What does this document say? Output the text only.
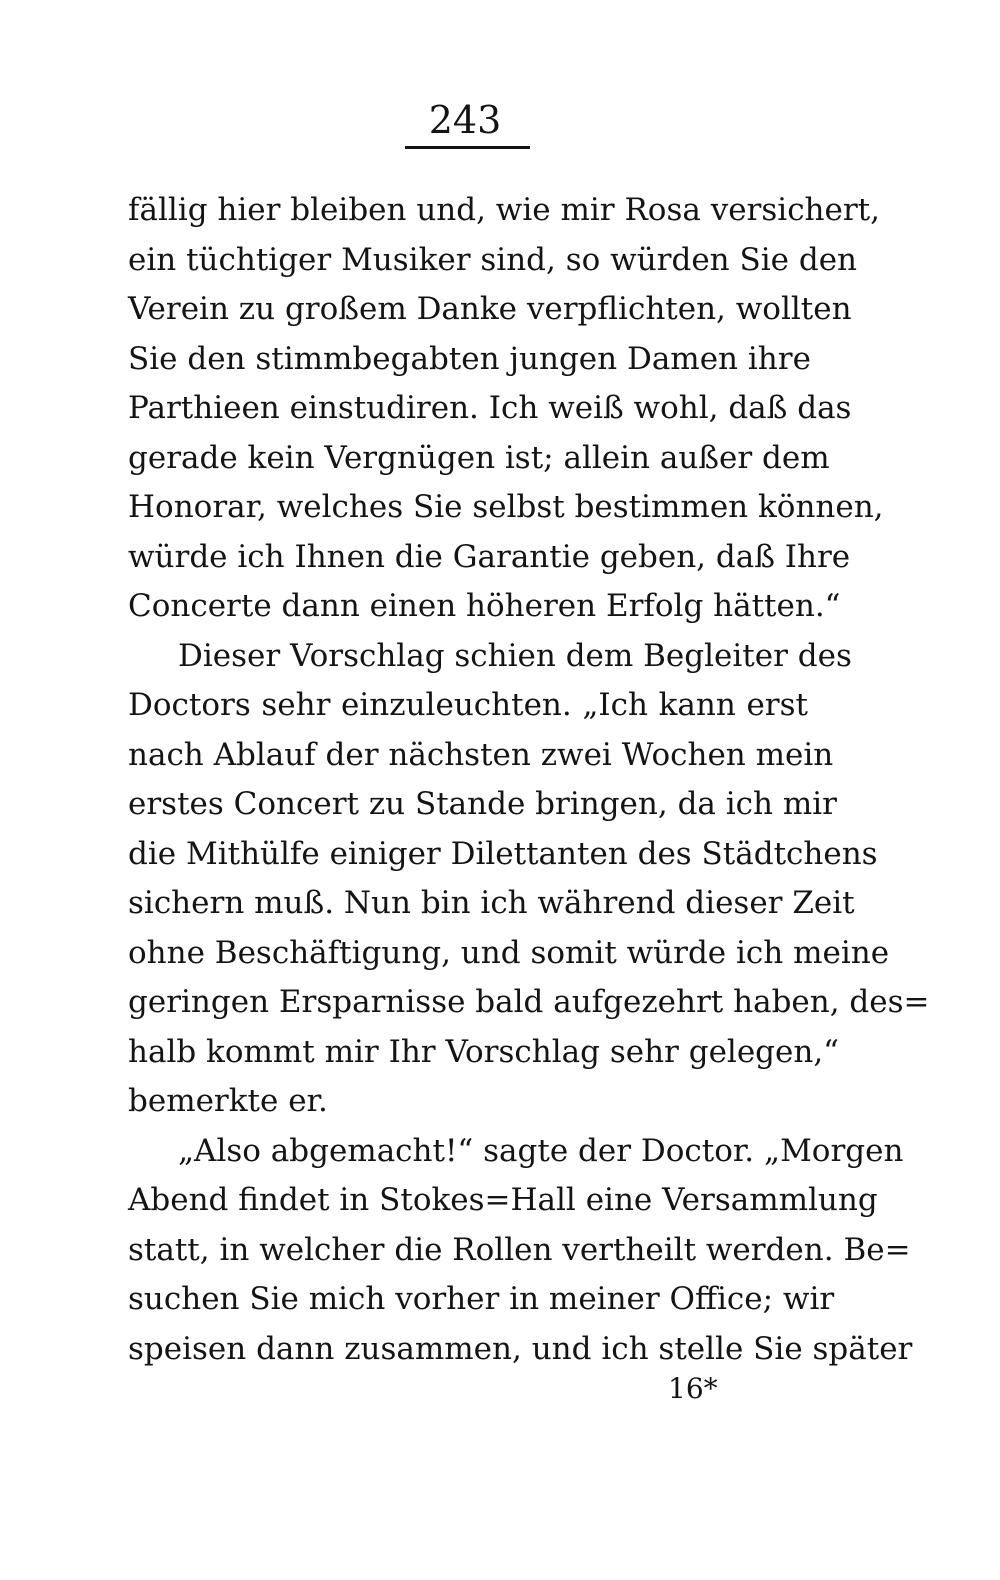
243
fällig hier bleiben und, wie mir Rosa versichert,
ein tüchtiger Musiker sind, so würden Sie den
Verein zu großem Danke verpflichten, wollten
Sie den stimmbegabten jungen Damen ihre
Parthieen einstudiren. Ich weiß wohl, daß das
gerade kein Vergnügen ist; allein außer dem
Honorar, welches Sie selbst bestimmen können,
würde ich Ihnen die Garantie geben, daß Ihre
Concerte dann einen höheren Erfolg hätten.“
Dieser Vorschlag schien dem Begleiter des
Doctors sehr einzuleuchten. „Ich kann erst
nach Ablauf der nächsten zwei Wochen mein
erstes Concert zu Stande bringen, da ich mir
die Mithülfe einiger Dilettanten des Städtchens
sichern muß. Nun bin ich während dieser Zeit
ohne Beschäftigung, und somit würde ich meine
geringen Ersparnisse bald aufgezehrt haben, des=
halb kommt mir Ihr Vorschlag sehr gelegen,“
bemerkte er.
„Also abgemacht!“ sagte der Doctor. „Morgen
Abend findet in Stokes=Hall eine Versammlung
statt, in welcher die Rollen vertheilt werden. Be=
suchen Sie mich vorher in meiner Office; wir
speisen dann zusammen, und ich stelle Sie später
16*
